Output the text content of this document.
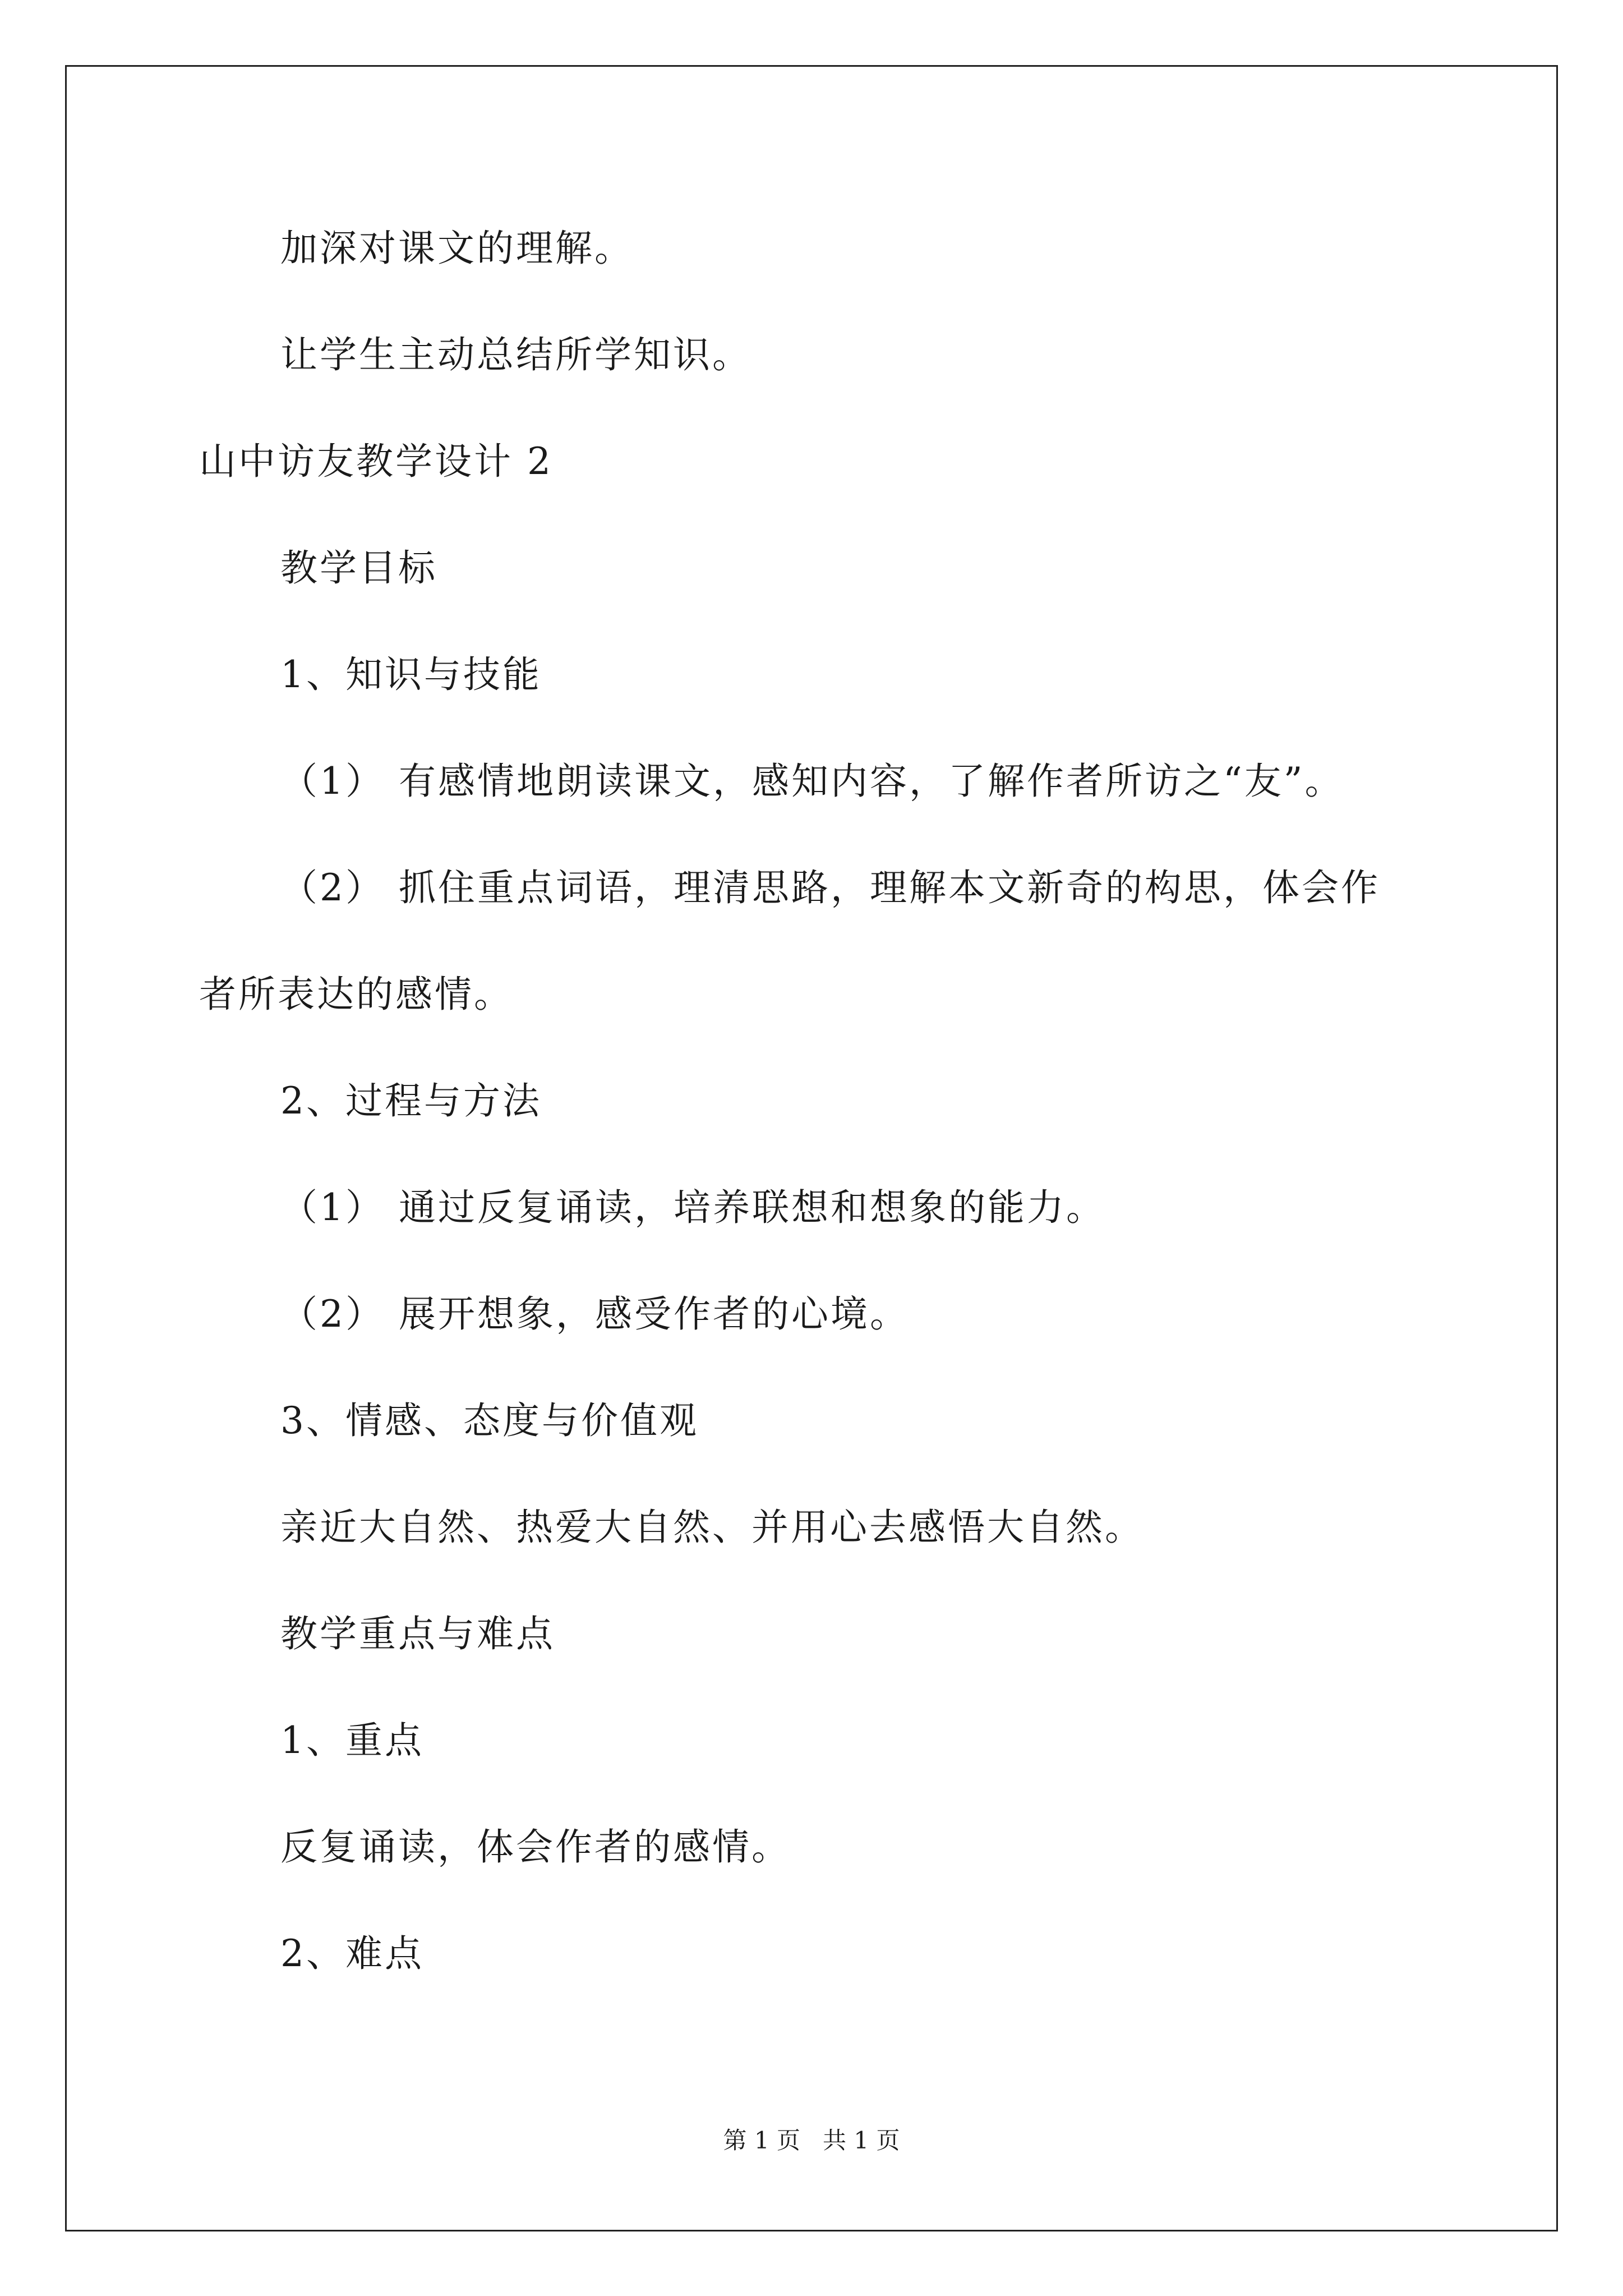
加深对课文的理解。
让学生主动总结所学知识。
山中访友教学设计 2
教学目标
1、知识与技能
（1） 有感情地朗读课文，感知内容，了解作者所访之“友”。
（2） 抓住重点词语，理清思路，理解本文新奇的构思，体会作
者所表达的感情。
2、过程与方法
（1） 通过反复诵读，培养联想和想象的能力。
（2） 展开想象，感受作者的心境。
3、情感、态度与价值观
亲近大自然、热爱大自然、并用心去感悟大自然。
教学重点与难点
1、重点
反复诵读，体会作者的感情。
2、难点
第 1 页   共 1 页
